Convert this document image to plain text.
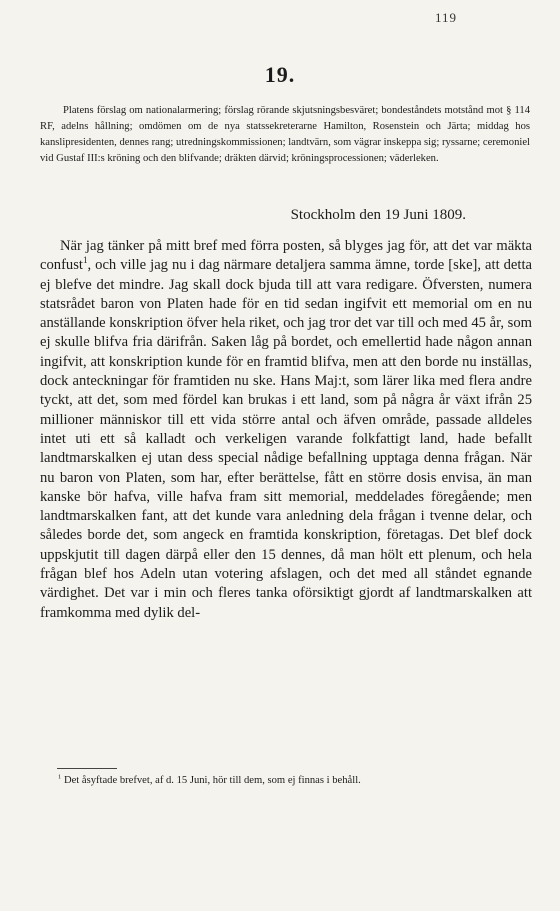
119
19.
Platens förslag om nationalarmering; förslag rörande skjutsningsbesväret; bondeståndets motstånd mot § 114 RF, adelns hållning; omdömen om de nya statssekreterarne Hamilton, Rosenstein och Järta; middag hos kanslipresidenten, dennes rang; utredningskommissionen; landtvärn, som vägrar inskeppa sig; ryssarne; ceremoniel vid Gustaf III:s kröning och den blifvande; dräkten därvid; kröningsprocessionen; väderleken.
Stockholm den 19 Juni 1809.

När jag tänker på mitt bref med förra posten, så blyges jag för, att det var mäkta confust$^1$, och ville jag nu i dag närmare detaljera samma ämne, torde [ske], att detta ej blefve det mindre. Jag skall dock bjuda till att vara redigare. Öfversten, numera statsrådet baron von Platen hade för en tid sedan ingifvit ett memorial om en nu anställande konskription öfver hela riket, och jag tror det var till och med 45 år, som ej skulle blifva fria därifrån. Saken låg på bordet, och emellertid hade någon annan ingifvit, att konskription kunde för en framtid blifva, men att den borde nu inställas, dock anteckningar för framtiden nu ske. Hans Maj:t, som lärer lika med flera andre tyckt, att det, som med fördel kan brukas i ett land, som på några år växt ifrån 25 millioner människor till ett vida större antal och äfven område, passade alldeles intet uti ett så kalladt och verkeligen varande folkfattigt land, hade befallt landtmarskalken ej utan dess special nådige befallning upptaga denna frågan. När nu baron von Platen, som har, efter berättelse, fått en större dosis envisa, än man kanske bör hafva, ville hafva fram sitt memorial, meddelades föregående; men landtmarskalken fant, att det kunde vara anledning dela frågan i tvenne delar, och således borde det, som angeck en framtida konskription, företagas. Det blef dock uppskjutit till dagen därpå eller den 15 dennes, då man hölt ett plenum, och hela frågan blef hos Adeln utan votering afslagen, och det med all ståndet egnande värdighet. Det var i min och fleres tanka oförsiktigt gjordt af landtmarskalken att framkomma med dylik del-

$^1$ Det åsyftade brefvet, af d. 15 Juni, hör till dem, som ej finnas i behåll.
